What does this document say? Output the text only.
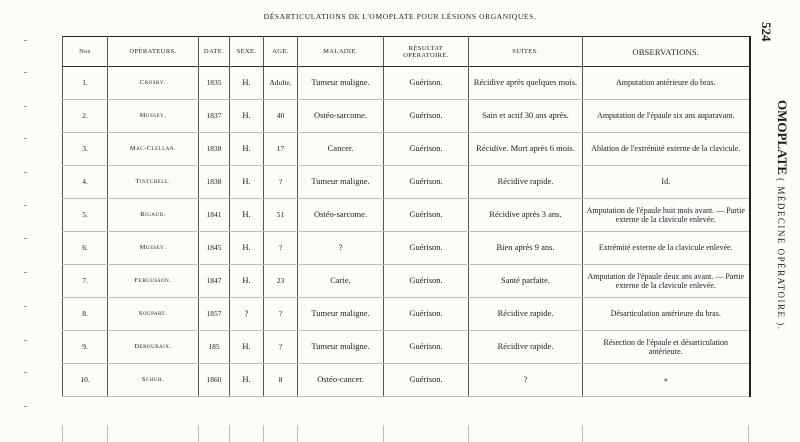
DÉSARTICULATIONS DE L'OMOPLATE POUR LÉSIONS ORGANIQUES.
524
OMOPLATE ( MÉDECINE OPÉRATOIRE ).
Nos	OPÉRATEURS.	DATE.	SEXE.	AGE.	MALADIE.	RÉSULTAT OPÉRATOIRE.	SUITES.	OBSERVATIONS.
1.	Crosby.	1835	H.	Adulte.	Tumeur maligne.	Guérison.	Récidive après quelques mois.	Amputation antérieure du bras.
2.	Mussey.	1837	H.	40	Ostéo-sarcome.	Guérison.	Sain et actif 30 ans après.	Amputation de l'épaule six ans auparavant.
3.	Mac-Clellan.	1838	H.	17	Cancer.	Guérison.	Récidive. Mort après 6 mois.	Ablation de l'extrémité externe de la clavicule.
4.	Tintchell.	1838	H.	?	Tumeur maligne.	Guérison.	Récidive rapide.	Id.
5.	Rigaud.	1841	H.	51	Ostéo-sarcome.	Guérison.	Récidive après 3 ans.	Amputation de l'épaule huit mois avant. — Partie externe de la clavicule enlevée.
6.	Mussey.	1845	H.	?	?	Guérison.	Bien après 9 ans.	Extrémité externe de la clavicule enlevée.
7.	Fergusson.	1847	H.	23	Carie.	Guérison.	Santé parfaite.	Amputation de l'épaule deux ans avant. — Partie externe de la clavicule enlevée.
8.	Soupart.	1857	?	?	Tumeur maligne.	Guérison.	Récidive rapide.	Désarticulation antérieure du bras.
9.	Deroubaix.	185	H.	?	Tumeur maligne.	Guérison.	Récidive rapide.	Résection de l'épaule et désarticulation antérieure.
10.	Schuh.	1860	H.	8	Ostéo-cancer.	Guérison.	?	»
